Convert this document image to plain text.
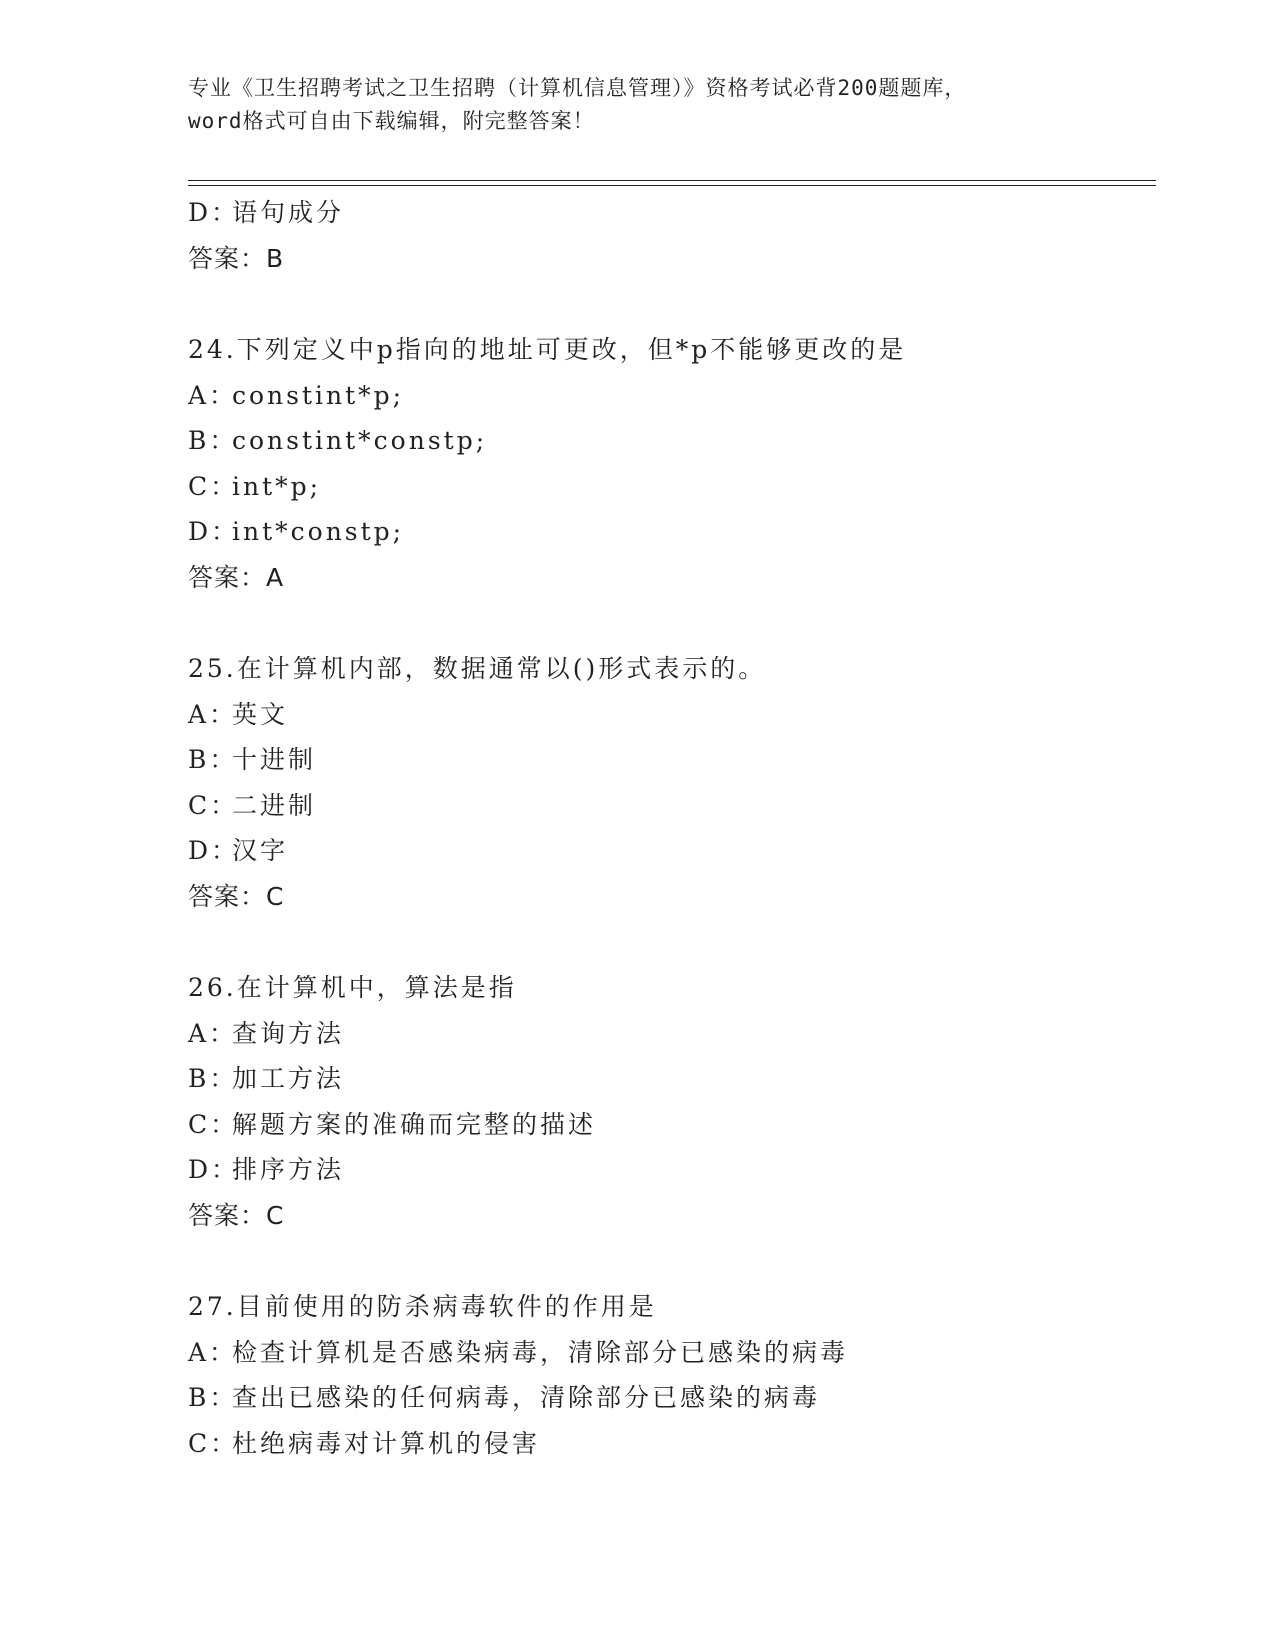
专业《卫生招聘考试之卫生招聘（计算机信息管理）》资格考试必背200题题库，
word格式可自由下载编辑，附完整答案！
D：语句成分
答案：B
24.下列定义中p指向的地址可更改，但*p不能够更改的是
A：constint*p;
B：constint*constp;
C：int*p;
D：int*constp;
答案：A
25.在计算机内部，数据通常以()形式表示的。
A：英文
B：十进制
C：二进制
D：汉字
答案：C
26.在计算机中，算法是指
A：查询方法
B：加工方法
C：解题方案的准确而完整的描述
D：排序方法
答案：C
27.目前使用的防杀病毒软件的作用是
A：检查计算机是否感染病毒，清除部分已感染的病毒
B：查出已感染的任何病毒，清除部分已感染的病毒
C：杜绝病毒对计算机的侵害
